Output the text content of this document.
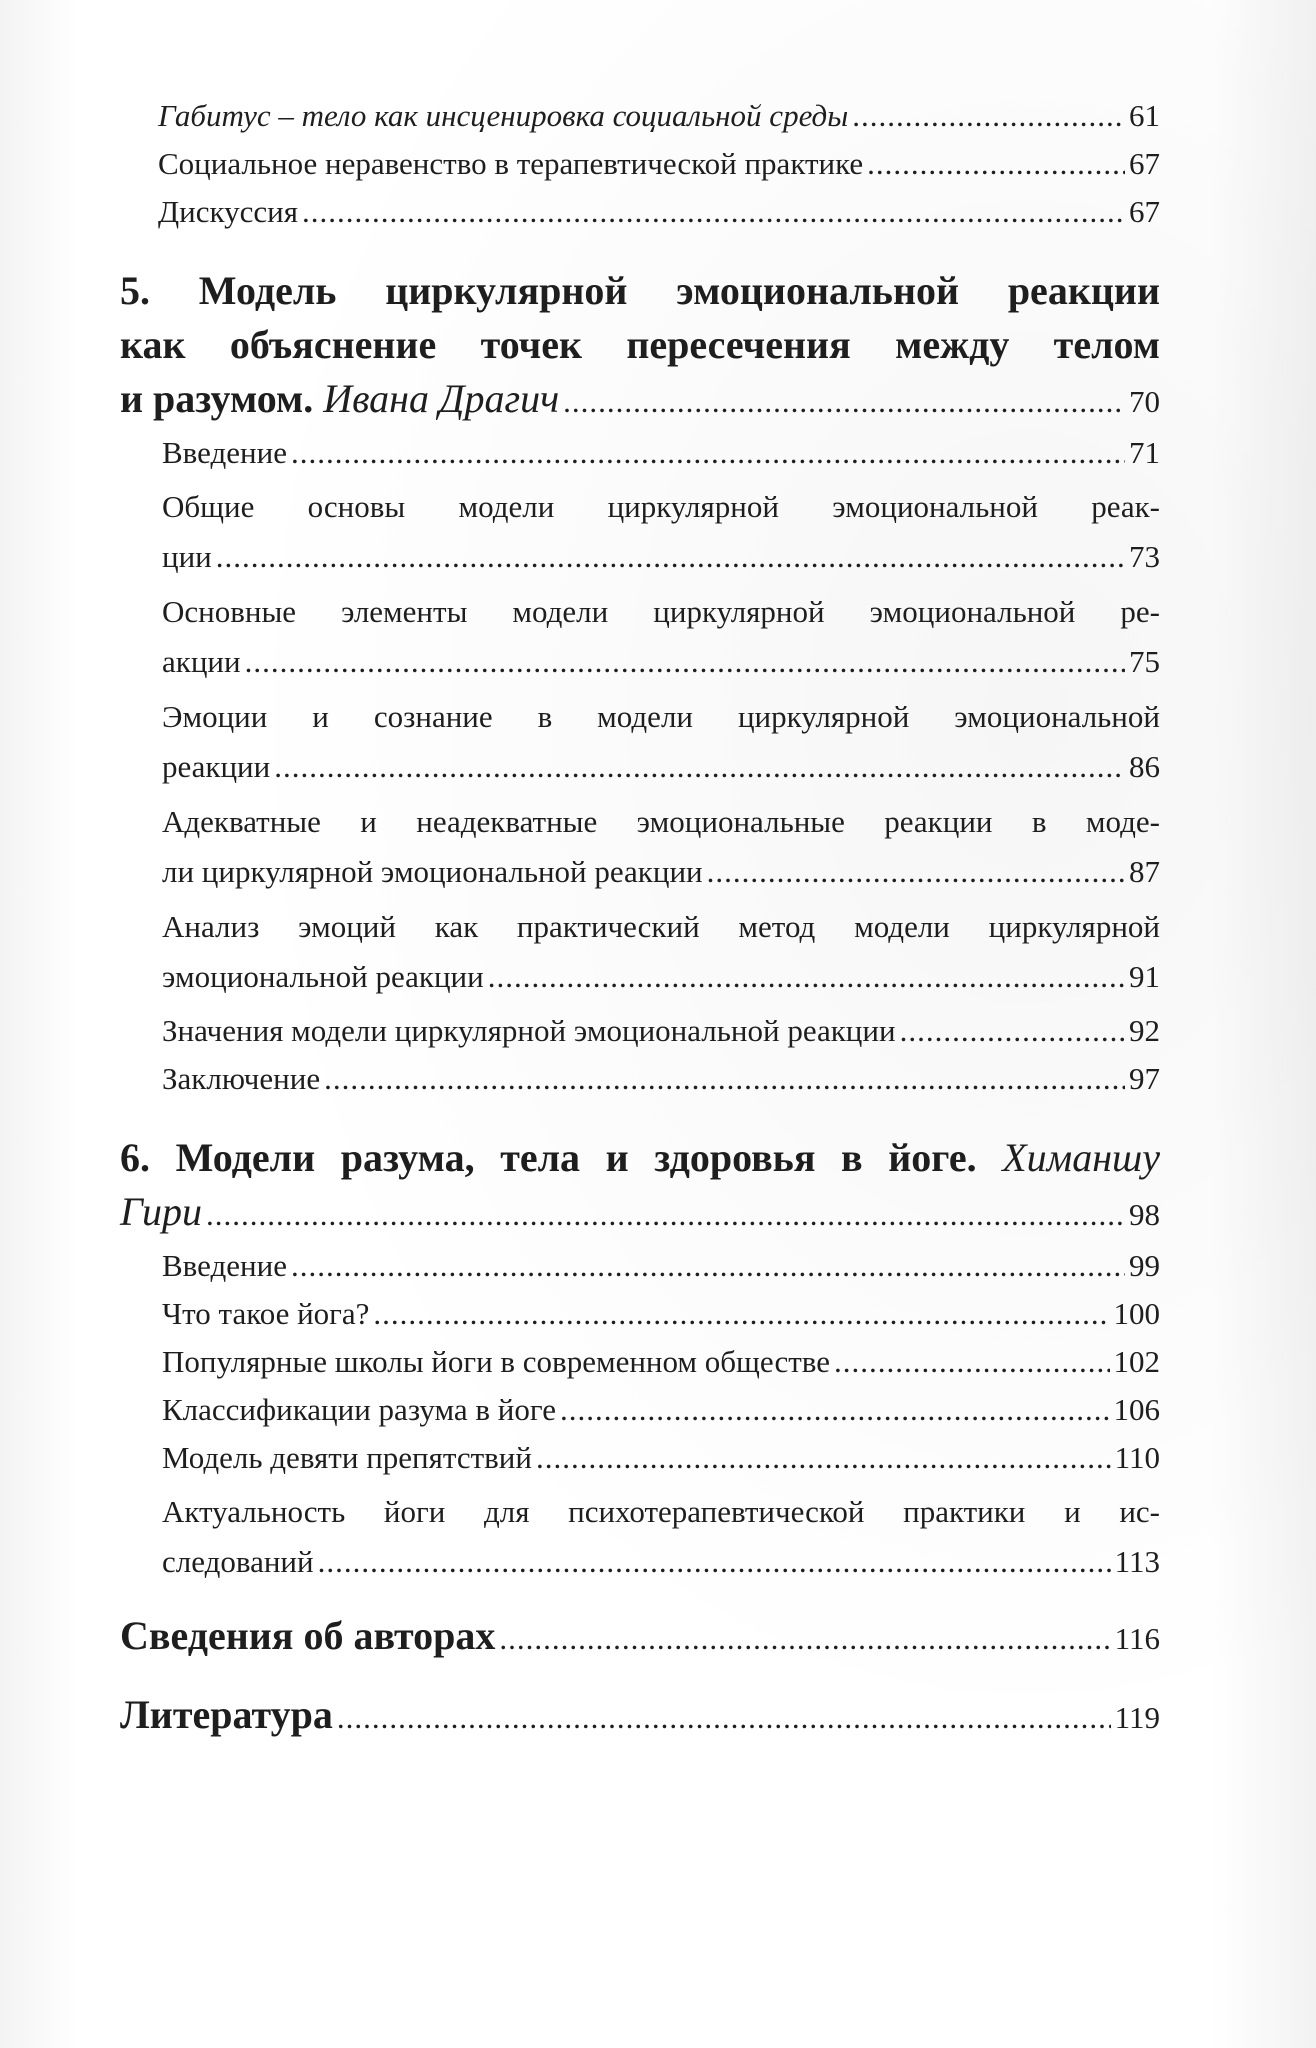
Габитус – тело как инсценировка социальной среды .....	61
Социальное неравенство в терапевтической практике .....	67
Дискуссия .....	67
5. Модель циркулярной эмоциональной реакции
как объяснение точек пересечения между телом
и разумом.
Ивана Драгич .....	70
Введение .....	71
Общие основы модели циркулярной эмоциональной реак-
ции .....	73
Основные элементы модели циркулярной эмоциональной ре-
акции .....	75
Эмоции и сознание в модели циркулярной эмоциональной
реакции .....	86
Адекватные и неадекватные эмоциональные реакции в моде-
ли циркулярной эмоциональной реакции .....	87
Анализ эмоций как практический метод модели циркулярной
эмоциональной реакции .....	91
Значения модели циркулярной эмоциональной реакции .....	92
Заключение .....	97
6. Модели разума, тела и здоровья в йоге. Химаншу
Гири .....	98
Введение .....	99
Что такое йога? .....	100
Популярные школы йоги в современном обществе .....	102
Классификации разума в йоге .....	106
Модель девяти препятствий .....	110
Актуальность йоги для психотерапевтической практики и ис-
следований .....	113
Сведения об авторах .....	116
Литература .....	119
